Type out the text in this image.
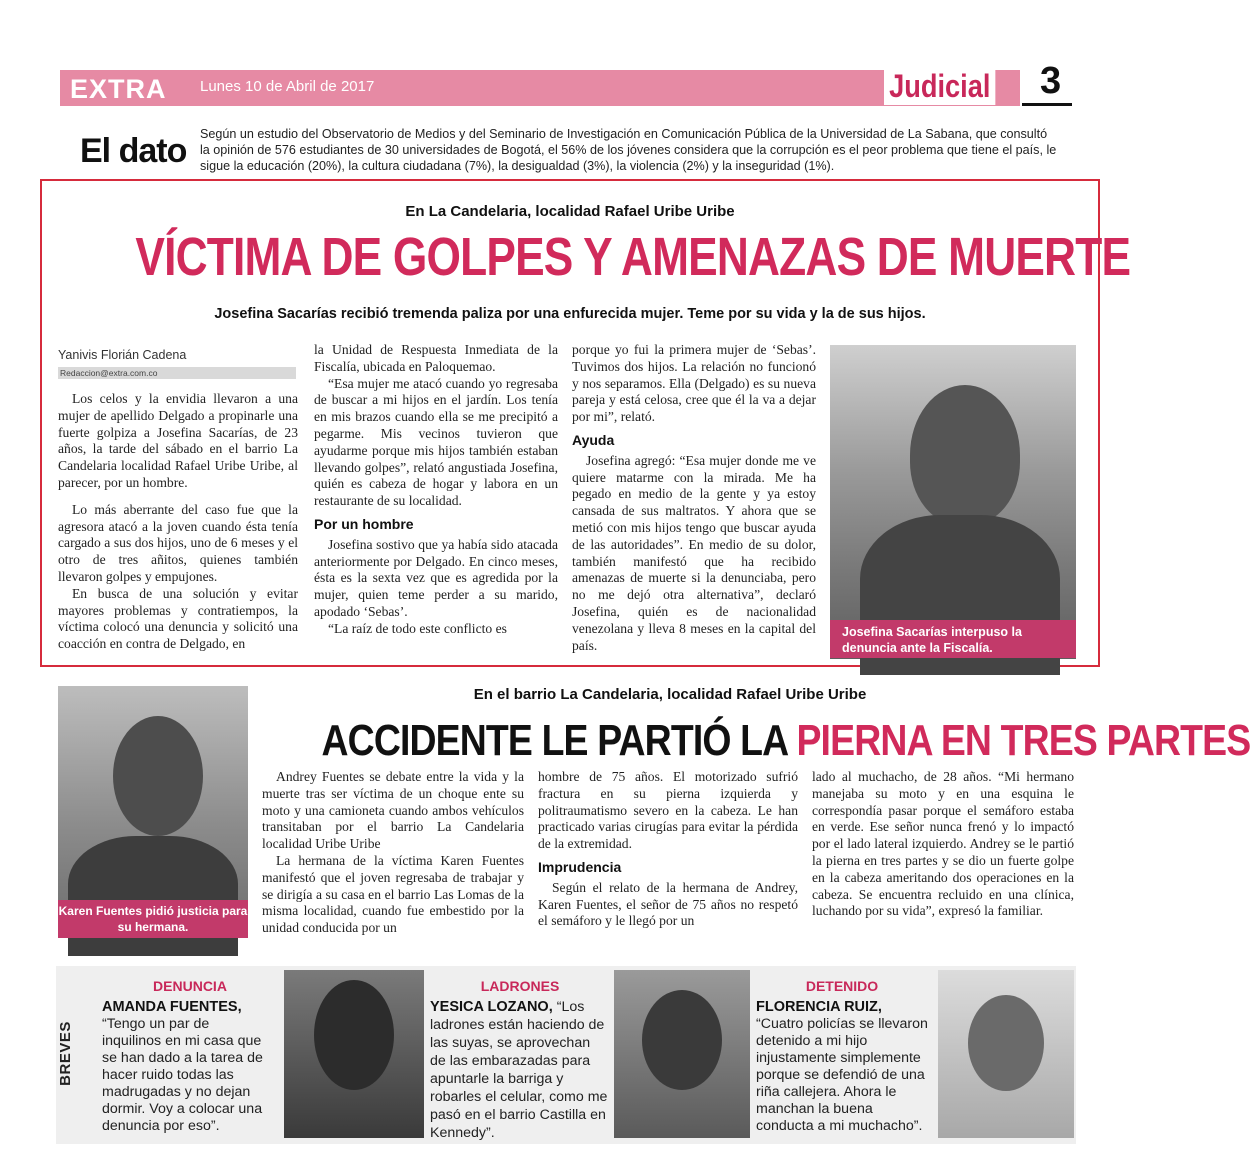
EXTRA Lunes 10 de Abril de 2017	Judicial 3
El dato Según un estudio del Observatorio de Medios y del Seminario de Investigación en Comunicación Pública de la Universidad de La Sabana, que consultó la opinión de 576 estudiantes de 30 universidades de Bogotá, el 56% de los jóvenes considera que la corrupción es el peor problema que tiene el país, le sigue la educación (20%), la cultura ciudadana (7%), la desigualdad (3%), la violencia (2%) y la inseguridad (1%).
En La Candelaria, localidad Rafael Uribe Uribe
VÍCTIMA DE GOLPES Y AMENAZAS DE MUERTE
Josefina Sacarías recibió tremenda paliza por una enfurecida mujer. Teme por su vida y la de sus hijos.
Yanivis Florián Cadena
Redaccion@extra.com.co

Los celos y la envidia llevaron a una mujer de apellido Delgado a propinarle una fuerte golpiza a Josefina Sacarías, de 23 años, la tarde del sábado en el barrio La Candelaria localidad Rafael Uribe Uribe, al parecer, por un hombre.

Lo más aberrante del caso fue que la agresora atacó a la joven cuando ésta tenía cargado a sus dos hijos, uno de 6 meses y el otro de tres añitos, quienes también llevaron golpes y empujones.

En busca de una solución y evitar mayores problemas y contratiempos, la víctima colocó una denuncia y solicitó una coacción en contra de Delgado, en

la Unidad de Respuesta Inmediata de la Fiscalía, ubicada en Paloquemao.

“Esa mujer me atacó cuando yo regresaba de buscar a mi hijos en el jardín. Los tenía en mis brazos cuando ella se me precipitó a pegarme. Mis vecinos tuvieron que ayudarme porque mis hijos también estaban llevando golpes”, relató angustiada Josefina, quién es cabeza de hogar y labora en un restaurante de su localidad.

Por un hombre

Josefina sostivo que ya había sido atacada anteriormente por Delgado. En cinco meses, ésta es la sexta vez que es agredida por la mujer, quien teme perder a su marido, apodado ‘Sebas’.

“La raíz de todo este conflicto es

porque yo fui la primera mujer de ‘Sebas’. Tuvimos dos hijos. La relación no funcionó y nos separamos. Ella (Delgado) es su nueva pareja y está celosa, cree que él la va a dejar por mi”, relató.

Ayuda

Josefina agregó: “Esa mujer donde me ve quiere matarme con la mirada. Me ha pegado en medio de la gente y ya estoy cansada de sus maltratos. Y ahora que se metió con mis hijos tengo que buscar ayuda de las autoridades”. En medio de su dolor, también manifestó que ha recibido amenazas de muerte si la denunciaba, pero no me dejó otra alternativa”, declaró Josefina, quién es de nacionalidad venezolana y lleva 8 meses en la capital del país.

Josefina Sacarías interpuso la denuncia ante la Fiscalía.
Karen Fuentes pidió justicia para su hermana.
En el barrio La Candelaria, localidad Rafael Uribe Uribe
ACCIDENTE LE PARTIÓ LA PIERNA EN TRES PARTES

Andrey Fuentes se debate entre la vida y la muerte tras ser víctima de un choque ente su moto y una camioneta cuando ambos vehículos transitaban por el barrio La Candelaria localidad Uribe Uribe

La hermana de la víctima Karen Fuentes manifestó que el joven regresaba de trabajar y se dirigía a su casa en el barrio Las Lomas de la misma localidad, cuando fue embestido por la unidad conducida por un

hombre de 75 años. El motorizado sufrió fractura en su pierna izquierda y politraumatismo severo en la cabeza. Le han practicado varias cirugías para evitar la pérdida de la extremidad.

Imprudencia

Según el relato de la hermana de Andrey, Karen Fuentes, el señor de 75 años no respetó el semáforo y le llegó por un

lado al muchacho, de 28 años. “Mi hermano manejaba su moto y en una esquina le correspondía pasar porque el semáforo estaba en verde. Ese señor nunca frenó y lo impactó por el lado lateral izquierdo. Andrey se le partió la pierna en tres partes y se dio un fuerte golpe en la cabeza ameritando dos operaciones en la cabeza. Se encuentra recluido en una clínica, luchando por su vida”, expresó la familiar.

BREVES
DENUNCIA
AMANDA FUENTES,
“Tengo un par de inquilinos en mi casa que se han dado a la tarea de hacer ruido todas las madrugadas y no dejan dormir. Voy a colocar una denuncia por eso”.
LADRONES
YESICA LOZANO, “Los ladrones están haciendo de las suyas, se aprovechan de las embarazadas para apuntarle la barriga y robarles el celular, como me pasó en el barrio Castilla en Kennedy”.
DETENIDO
FLORENCIA RUIZ,
“Cuatro policías se llevaron detenido a mi hijo injustamente simplemente porque se defendió de una riña callejera. Ahora le manchan la buena conducta a mi muchacho”.
